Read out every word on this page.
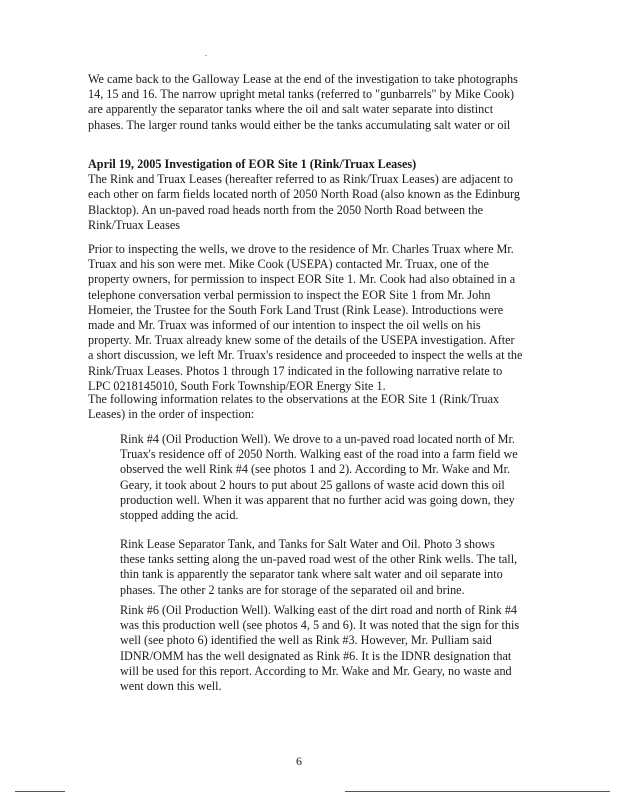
.
We came back to the Galloway Lease at the end of the investigation to take photographs
14, 15 and 16. The narrow upright metal tanks (referred to "gunbarrels" by Mike Cook)
are apparently the separator tanks where the oil and salt water separate into distinct
phases. The larger round tanks would either be the tanks accumulating salt water or oil
April 19, 2005 Investigation of EOR Site 1 (Rink/Truax Leases)
The Rink and Truax Leases (hereafter referred to as Rink/Truax Leases) are adjacent to
each other on farm fields located north of 2050 North Road (also known as the Edinburg
Blacktop). An un-paved road heads north from the 2050 North Road between the
Rink/Truax Leases
Prior to inspecting the wells, we drove to the residence of Mr. Charles Truax where Mr.
Truax and his son were met. Mike Cook (USEPA) contacted Mr. Truax, one of the
property owners, for permission to inspect EOR Site 1. Mr. Cook had also obtained in a
telephone conversation verbal permission to inspect the EOR Site 1 from Mr. John
Homeier, the Trustee for the South Fork Land Trust (Rink Lease). Introductions were
made and Mr. Truax was informed of our intention to inspect the oil wells on his
property. Mr. Truax already knew some of the details of the USEPA investigation. After
a short discussion, we left Mr. Truax's residence and proceeded to inspect the wells at the
Rink/Truax Leases. Photos 1 through 17 indicated in the following narrative relate to
LPC 0218145010, South Fork Township/EOR Energy Site 1.
The following information relates to the observations at the EOR Site 1 (Rink/Truax
Leases) in the order of inspection:
Rink #4 (Oil Production Well). We drove to a un-paved road located north of Mr.
Truax's residence off of 2050 North. Walking east of the road into a farm field we
observed the well Rink #4 (see photos 1 and 2). According to Mr. Wake and Mr.
Geary, it took about 2 hours to put about 25 gallons of waste acid down this oil
production well. When it was apparent that no further acid was going down, they
stopped adding the acid.
Rink Lease Separator Tank, and Tanks for Salt Water and Oil. Photo 3 shows
these tanks setting along the un-paved road west of the other Rink wells. The tall,
thin tank is apparently the separator tank where salt water and oil separate into
phases. The other 2 tanks are for storage of the separated oil and brine.
Rink #6 (Oil Production Well). Walking east of the dirt road and north of Rink #4
was this production well (see photos 4, 5 and 6). It was noted that the sign for this
well (see photo 6) identified the well as Rink #3. However, Mr. Pulliam said
IDNR/OMM has the well designated as Rink #6. It is the IDNR designation that
will be used for this report. According to Mr. Wake and Mr. Geary, no waste and
went down this well.
6
